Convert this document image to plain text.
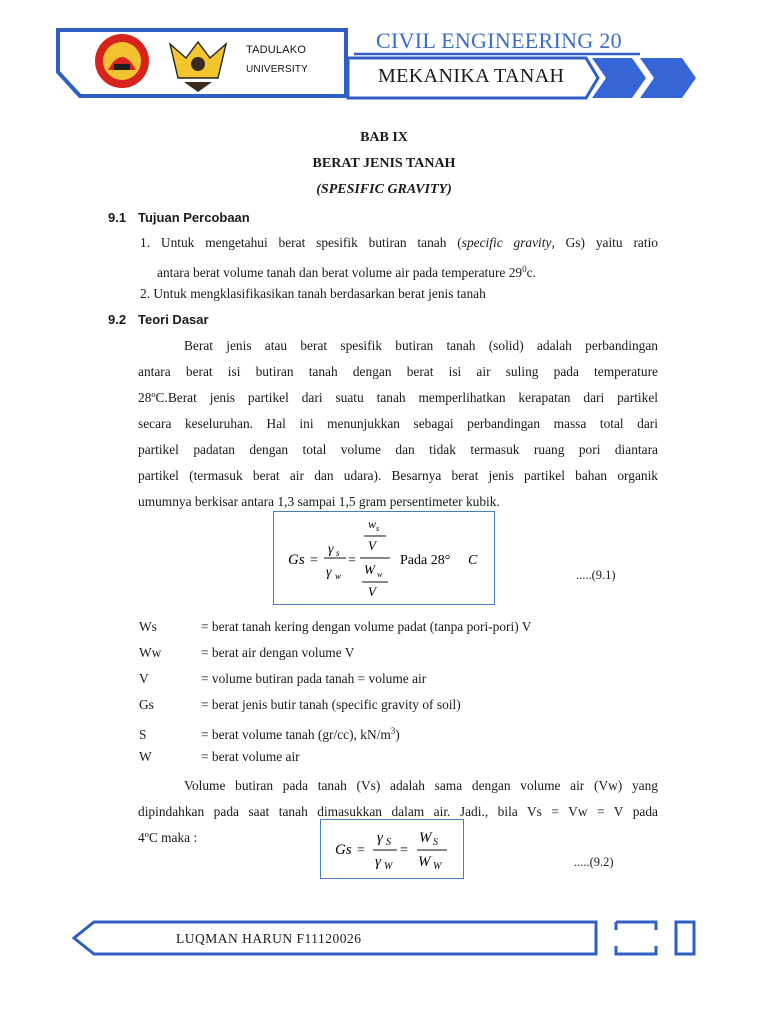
TADULAKO
UNIVERSITY
CIVIL ENGINEERING 20
MEKANIKA TANAH
BAB IX
BERAT JENIS TANAH
(SPESIFIC GRAVITY)
9.1 Tujuan Percobaan
1. Untuk mengetahui berat spesifik butiran tanah (specific gravity, Gs) yaitu ratio
antara berat volume tanah dan berat volume air pada temperature $29^0c$.
2. Untuk mengklasifikasikan tanah berdasarkan berat jenis tanah
9.2 Teori Dasar
Berat jenis atau berat spesifik butiran tanah (solid) adalah perbandingan
antara berat isi butiran tanah dengan berat isi air suling pada temperature
28ºC.Berat jenis partikel dari suatu tanah memperlihatkan kerapatan dari partikel
secara keseluruhan. Hal ini menunjukkan sebagai perbandingan massa total dari
partikel padatan dengan total volume dan tidak termasuk ruang pori diantara
partikel (termasuk berat air dan udara). Besarnya berat jenis partikel bahan organik
umumnya berkisar antara 1,3 sampai 1,5 gram persentimeter kubik.
Gs =
γ s
γ w
=
w s
V
W w
V
Pada 28° C
.....(9.1)
Ws	= berat tanah kering dengan volume padat (tanpa pori-pori) V
Ww	= berat air dengan volume V
V	= volume butiran pada tanah = volume air
Gs	= berat jenis butir tanah (specific gravity of soil)
S	= berat volume tanah (gr/cc), $kN/m^3$)
W	= berat volume air
Volume butiran pada tanah (Vs) adalah sama dengan volume air (Vw) yang
dipindahkan pada saat tanah dimasukkan dalam air. Jadi., bila Vs = Vw = V pada
4ºC maka :
Gs =
γ S
γ W
=
W S
W W	.....(9.2)
LUQMAN HARUN F11120026
